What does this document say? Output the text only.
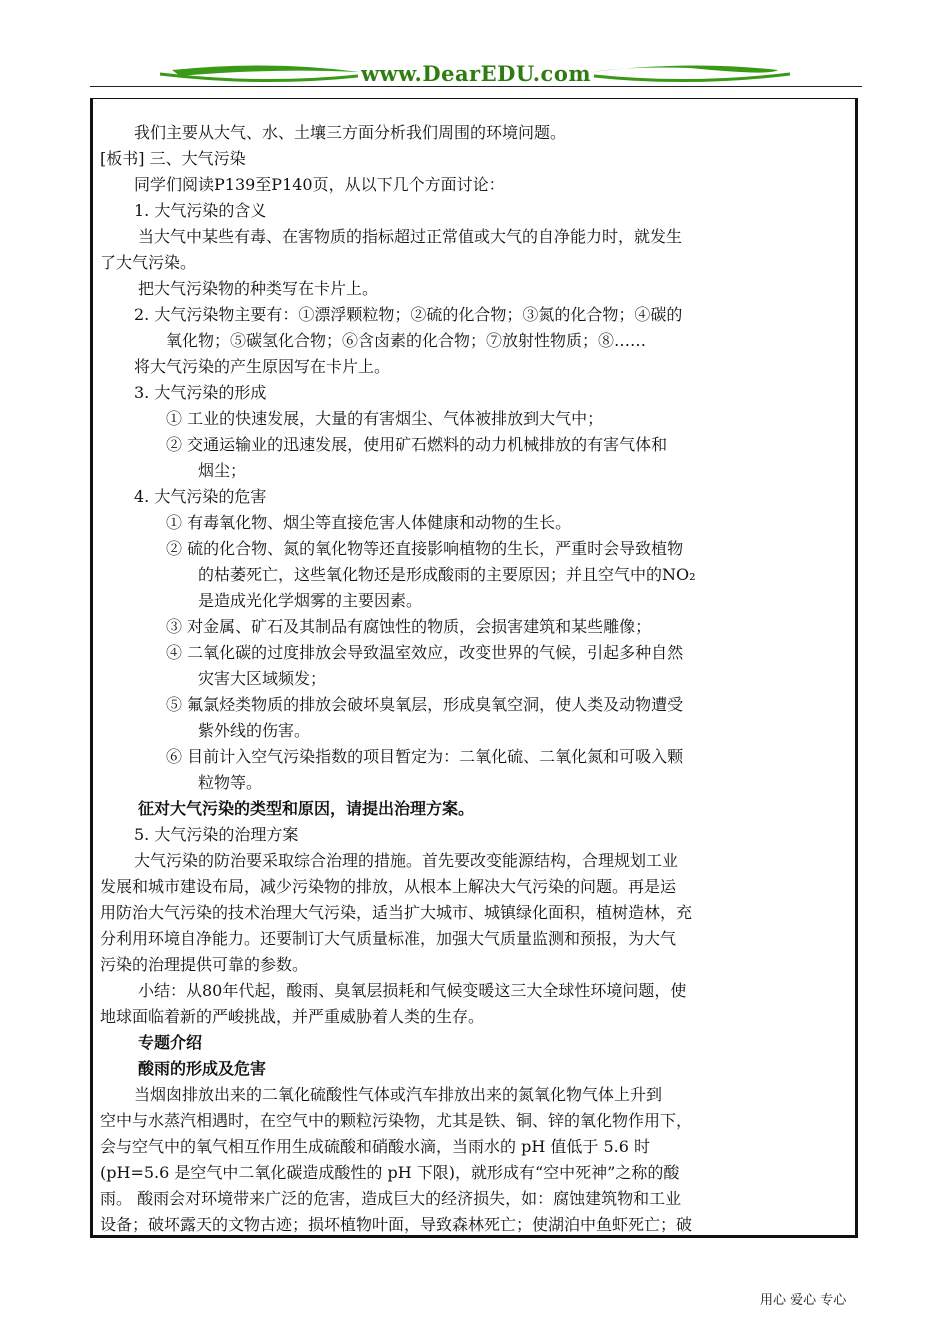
www.DearEDU.com
我们主要从大气、水、土壤三方面分析我们周围的环境问题。
[板书] 三、大气污染
同学们阅读P139至P140页，从以下几个方面讨论：
1. 大气污染的含义
当大气中某些有毒、在害物质的指标超过正常值或大气的自净能力时，就发生
了大气污染。
把大气污染物的种类写在卡片上。
2. 大气污染物主要有：①漂浮颗粒物；②硫的化合物；③氮的化合物；④碳的
氧化物；⑤碳氢化合物；⑥含卤素的化合物；⑦放射性物质；⑧……
将大气污染的产生原因写在卡片上。
3. 大气污染的形成
① 工业的快速发展，大量的有害烟尘、气体被排放到大气中；
② 交通运输业的迅速发展，使用矿石燃料的动力机械排放的有害气体和
烟尘；
4. 大气污染的危害
① 有毒氧化物、烟尘等直接危害人体健康和动物的生长。
② 硫的化合物、氮的氧化物等还直接影响植物的生长，严重时会导致植物
的枯萎死亡，这些氧化物还是形成酸雨的主要原因；并且空气中的NO₂
是造成光化学烟雾的主要因素。
③ 对金属、矿石及其制品有腐蚀性的物质，会损害建筑和某些雕像；
④ 二氧化碳的过度排放会导致温室效应，改变世界的气候，引起多种自然
灾害大区域频发；
⑤ 氟氯烃类物质的排放会破坏臭氧层，形成臭氧空洞，使人类及动物遭受
紫外线的伤害。
⑥ 目前计入空气污染指数的项目暂定为：二氧化硫、二氧化氮和可吸入颗
粒物等。
征对大气污染的类型和原因，请提出治理方案。
5. 大气污染的治理方案
大气污染的防治要采取综合治理的措施。首先要改变能源结构，合理规划工业
发展和城市建设布局，减少污染物的排放，从根本上解决大气污染的问题。再是运
用防治大气污染的技术治理大气污染，适当扩大城市、城镇绿化面积，植树造林，充
分利用环境自净能力。还要制订大气质量标准，加强大气质量监测和预报，为大气
污染的治理提供可靠的参数。
小结：从80年代起，酸雨、臭氧层损耗和气候变暖这三大全球性环境问题，使
地球面临着新的严峻挑战，并严重威胁着人类的生存。
专题介绍
酸雨的形成及危害
当烟囱排放出来的二氧化硫酸性气体或汽车排放出来的氮氧化物气体上升到
空中与水蒸汽相遇时，在空气中的颗粒污染物，尤其是铁、铜、锌的氧化物作用下，
会与空气中的氧气相互作用生成硫酸和硝酸水滴，当雨水的 pH 值低于 5.6 时
(pH=5.6 是空气中二氧化碳造成酸性的 pH 下限)，就形成有“空中死神”之称的酸
雨。 酸雨会对环境带来广泛的危害，造成巨大的经济损失，如：腐蚀建筑物和工业
设备；破坏露天的文物古迹；损坏植物叶面，导致森林死亡；使湖泊中鱼虾死亡；破
用心 爱心 专心
